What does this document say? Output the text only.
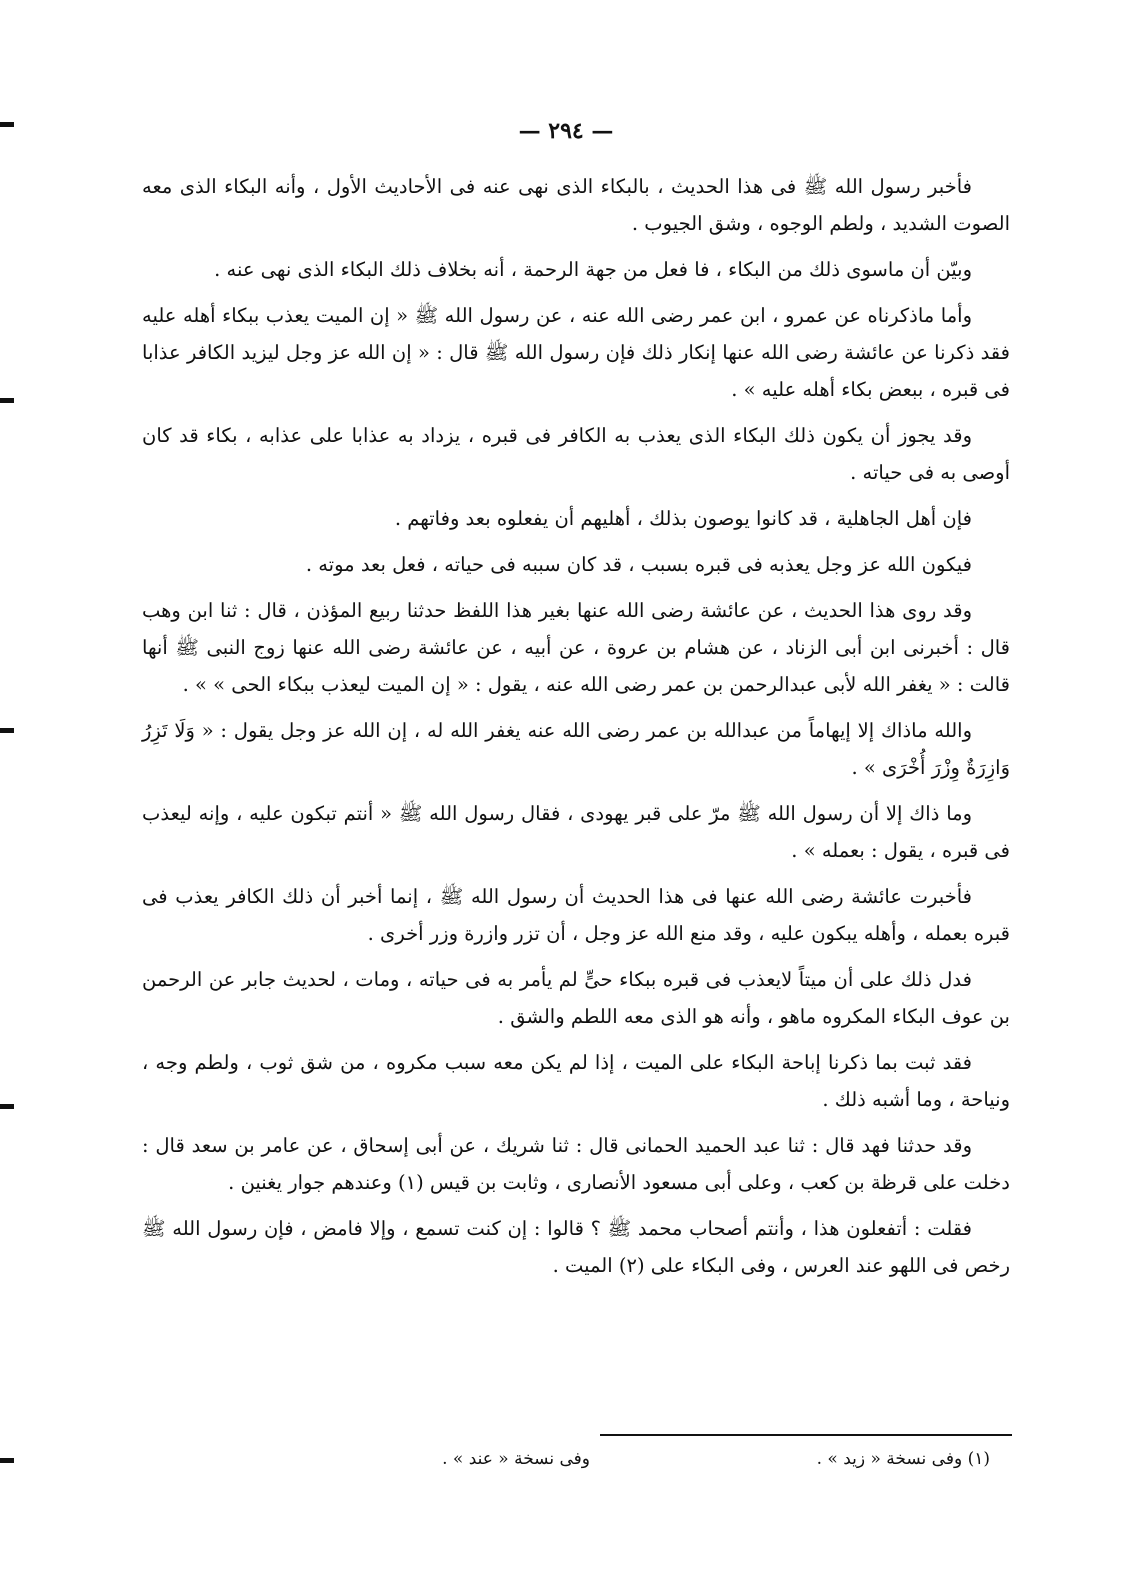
— ٢٩٤ —

فأخبر رسول الله ﷺ فى هذا الحديث ، بالبكاء الذى نهى عنه فى الأحاديث الأول ، وأنه البكاء الذى معه الصوت الشديد ، ولطم الوجوه ، وشق الجيوب .

وبيّن أن ماسوى ذلك من البكاء ، فا فعل من جهة الرحمة ، أنه بخلاف ذلك البكاء الذى نهى عنه .

وأما ماذكرناه عن عمرو ، ابن عمر رضى الله عنه ، عن رسول الله ﷺ « إن الميت يعذب ببكاء أهله عليه فقد ذكرنا عن عائشة رضى الله عنها إنكار ذلك فإن رسول الله ﷺ قال : « إن الله عز وجل ليزيد الكافر عذابا فى قبره ، ببعض بكاء أهله عليه » .

وقد يجوز أن يكون ذلك البكاء الذى يعذب به الكافر فى قبره ، يزداد به عذابا على عذابه ، بكاء قد كان أوصى به فى حياته .

فإن أهل الجاهلية ، قد كانوا يوصون بذلك ، أهليهم أن يفعلوه بعد وفاتهم .

فيكون الله عز وجل يعذبه فى قبره بسبب ، قد كان سببه فى حياته ، فعل بعد موته .

وقد روى هذا الحديث ، عن عائشة رضى الله عنها بغير هذا اللفظ حدثنا ربيع المؤذن ، قال : ثنا ابن وهب قال : أخبرنى ابن أبى الزناد ، عن هشام بن عروة ، عن أبيه ، عن عائشة رضى الله عنها زوج النبى ﷺ أنها قالت : « يغفر الله لأبى عبدالرحمن بن عمر رضى الله عنه ، يقول : « إن الميت ليعذب ببكاء الحى » » .

والله ماذاك إلا إيهاماً من عبدالله بن عمر رضى الله عنه يغفر الله له ، إن الله عز وجل يقول : « وَلَا تَزِرُ وَازِرَةٌ وِزْرَ أُخْرَى » .

وما ذاك إلا أن رسول الله ﷺ مرّ على قبر يهودى ، فقال رسول الله ﷺ « أنتم تبكون عليه ، وإنه ليعذب فى قبره ، يقول : بعمله » .

فأخبرت عائشة رضى الله عنها فى هذا الحديث أن رسول الله ﷺ ، إنما أخبر أن ذلك الكافر يعذب فى قبره بعمله ، وأهله يبكون عليه ، وقد منع الله عز وجل ، أن تزر وازرة وزر أخرى .

فدل ذلك على أن ميتاً لايعذب فى قبره ببكاء حىٍّ لم يأمر به فى حياته ، ومات ، لحديث جابر عن الرحمن بن عوف البكاء المكروه ماهو ، وأنه هو الذى معه اللطم والشق .

فقد ثبت بما ذكرنا إباحة البكاء على الميت ، إذا لم يكن معه سبب مكروه ، من شق ثوب ، ولطم وجه ، ونياحة ، وما أشبه ذلك .

وقد حدثنا فهد قال : ثنا عبد الحميد الحمانى قال : ثنا شريك ، عن أبى إسحاق ، عن عامر بن سعد قال : دخلت على قرظة بن كعب ، وعلى أبى مسعود الأنصارى ، وثابت بن قيس (١) وعندهم جوار يغنين .

فقلت : أتفعلون هذا ، وأنتم أصحاب محمد ﷺ ؟ قالوا : إن كنت تسمع ، وإلا فامض ، فإن رسول الله ﷺ رخص فى اللهو عند العرس ، وفى البكاء على (٢) الميت .

(١) وفى نسخة « زيد » .
وفى نسخة « عند » .
